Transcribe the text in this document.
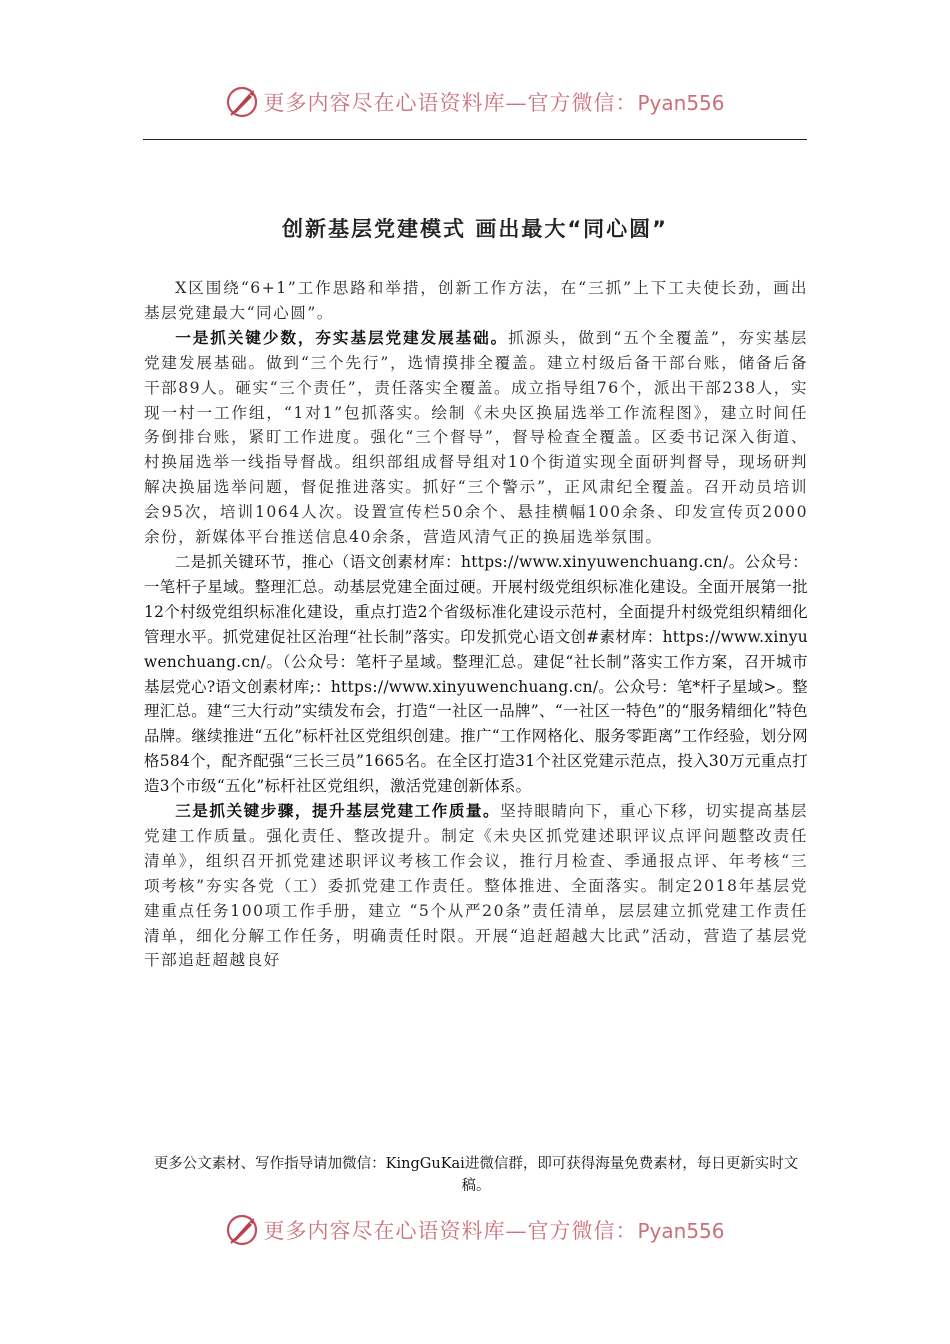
更多内容尽在心语资料库—官方微信：Pyan556
创新基层党建模式 画出最大“同心圆”

X区围绕“6+1”工作思路和举措，创新工作方法，在“三抓”上下工夫使长劲，画出基层党建最大“同心圆”。

一是抓关键少数，夯实基层党建发展基础。抓源头，做到“五个全覆盖”，夯实基层党建发展基础。做到“三个先行”，选情摸排全覆盖。建立村级后备干部台账，储备后备干部89人。砸实“三个责任”，责任落实全覆盖。成立指导组76个，派出干部238人，实现一村一工作组，“1对1”包抓落实。绘制《未央区换届选举工作流程图》，建立时间任务倒排台账，紧盯工作进度。强化“三个督导”，督导检查全覆盖。区委书记深入街道、村换届选举一线指导督战。组织部组成督导组对10个街道实现全面研判督导，现场研判解决换届选举问题，督促推进落实。抓好“三个警示”，正风肃纪全覆盖。召开动员培训会95次，培训1064人次。设置宣传栏50余个、悬挂横幅100余条、印发宣传页2000余份，新媒体平台推送信息40余条，营造风清气正的换届选举氛围。

二是抓关键环节，推心（语文创素材库：https://www.xinyuwenchuang.cn/。公众号：一笔杆子星域。整理汇总。动基层党建全面过硬。开展村级党组织标准化建设。全面开展第一批12个村级党组织标准化建设，重点打造2个省级标准化建设示范村，全面提升村级党组织精细化管理水平。抓党建促社区治理“社长制”落实。印发抓党心语文创#素材库：https://www.xinyuwenchuang.cn/。（公众号：笔杆子星域。整理汇总。建促“社长制”落实工作方案，召开城市基层党心?语文创素材库;：https://www.xinyuwenchuang.cn/。公众号：笔*杆子星域>。整理汇总。建“三大行动”实绩发布会，打造“一社区一品牌”、“一社区一特色”的“服务精细化”特色品牌。继续推进“五化”标杆社区党组织创建。推广“工作网格化、服务零距离”工作经验，划分网格584个，配齐配强“三长三员”1665名。在全区打造31个社区党建示范点，投入30万元重点打造3个市级“五化”标杆社区党组织，激活党建创新体系。

三是抓关键步骤，提升基层党建工作质量。坚持眼睛向下，重心下移，切实提高基层党建工作质量。强化责任、整改提升。制定《未央区抓党建述职评议点评问题整改责任清单》，组织召开抓党建述职评议考核工作会议，推行月检查、季通报点评、年考核“三项考核”夯实各党（工）委抓党建工作责任。整体推进、全面落实。制定2018年基层党建重点任务100项工作手册，建立 “5个从严20条”责任清单，层层建立抓党建工作责任清单，细化分解工作任务，明确责任时限。开展“追赶超越大比武”活动，营造了基层党干部追赶超越良好

更多公文素材、写作指导请加微信：KingGuKai进微信群，即可获得海量免费素材，每日更新实时文稿。
更多内容尽在心语资料库—官方微信：Pyan556
